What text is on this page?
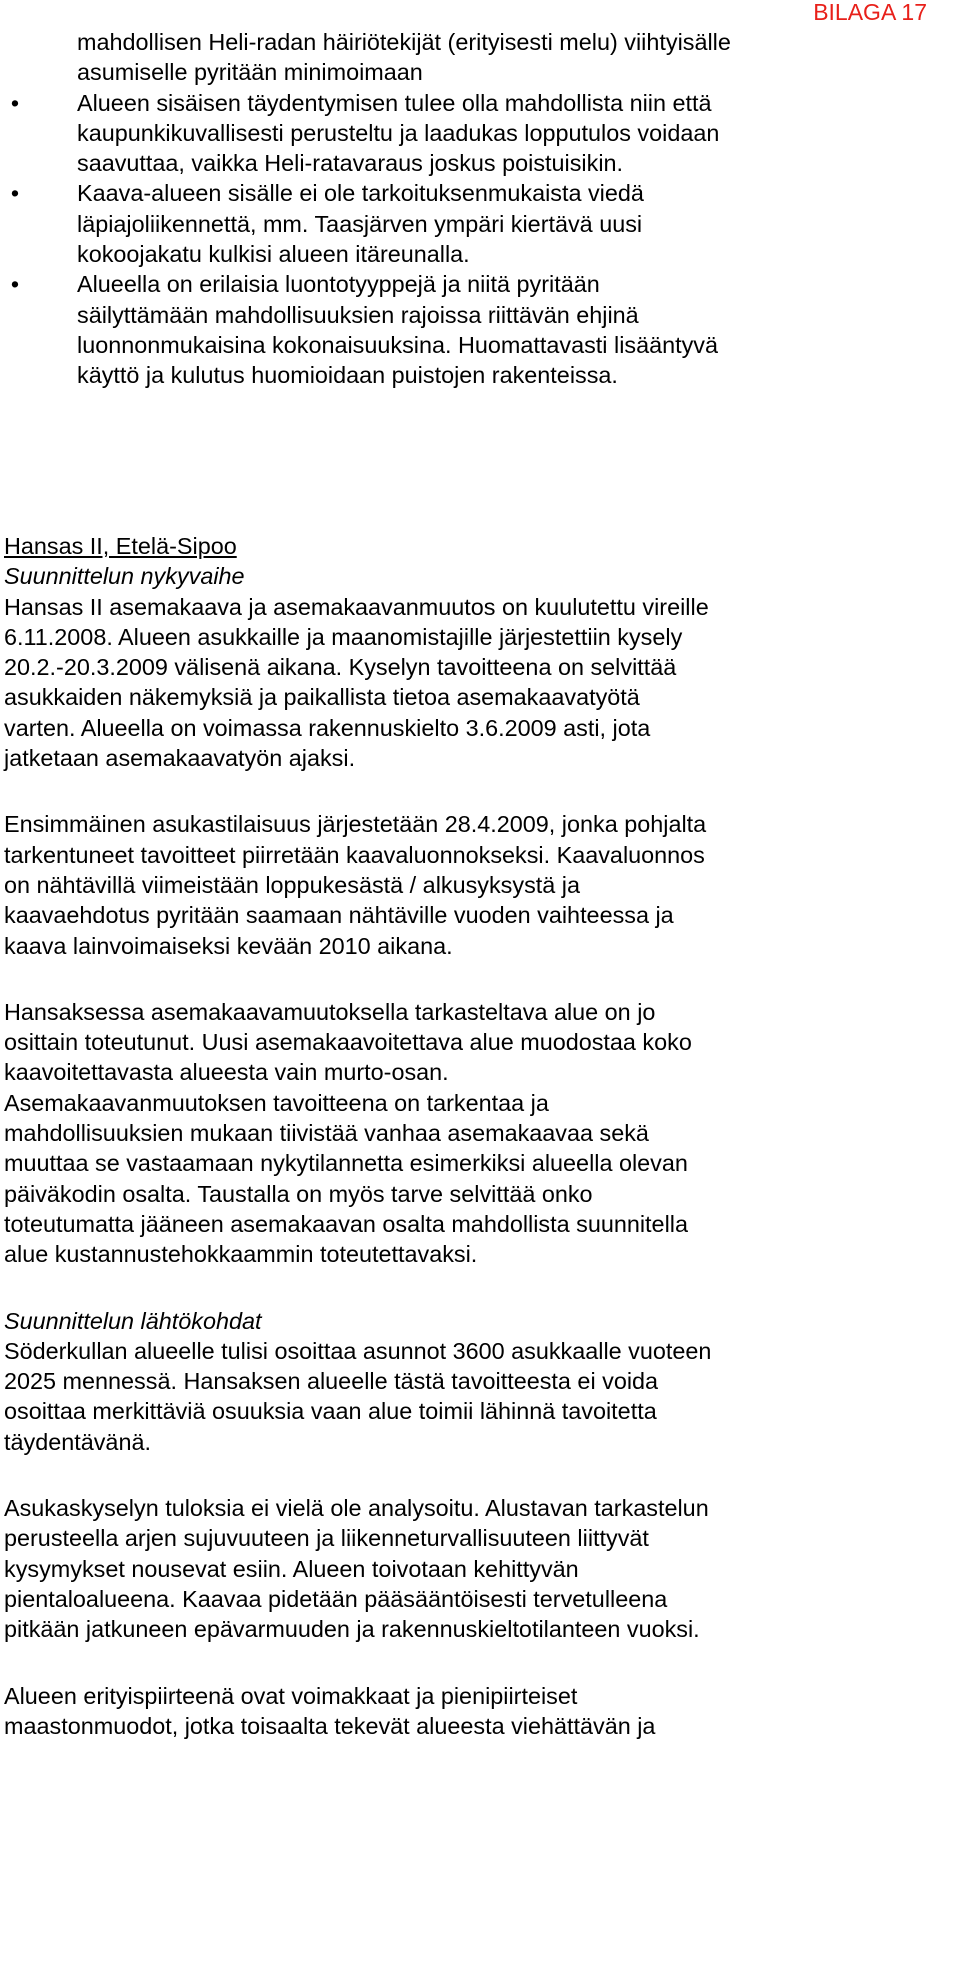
BILAGA 17
mahdollisen Heli-radan häiriötekijät (erityisesti melu) viihtyisälle
asumiselle pyritään minimoimaan
• Alueen sisäisen täydentymisen tulee olla mahdollista niin että
kaupunkikuvallisesti perusteltu ja laadukas lopputulos voidaan
saavuttaa, vaikka Heli-ratavaraus joskus poistuisikin.
• Kaava-alueen sisälle ei ole tarkoituksenmukaista viedä
läpiajoliikennettä, mm. Taasjärven ympäri kiertävä uusi
kokoojakatu kulkisi alueen itäreunalla.
• Alueella on erilaisia luontotyyppejä ja niitä pyritään
säilyttämään mahdollisuuksien rajoissa riittävän ehjinä
luonnonmukaisina kokonaisuuksina. Huomattavasti lisääntyvä
käyttö ja kulutus huomioidaan puistojen rakenteissa.

Hansas II, Etelä-Sipoo

Suunnittelun nykyvaihe

Hansas II asemakaava ja asemakaavanmuutos on kuulutettu vireille
6.11.2008. Alueen asukkaille ja maanomistajille järjestettiin kysely
20.2.-20.3.2009 välisenä aikana. Kyselyn tavoitteena on selvittää
asukkaiden näkemyksiä ja paikallista tietoa asemakaavatyötä
varten. Alueella on voimassa rakennuskielto 3.6.2009 asti, jota
jatketaan asemakaavatyön ajaksi.

Ensimmäinen asukastilaisuus järjestetään 28.4.2009, jonka pohjalta
tarkentuneet tavoitteet piirretään kaavaluonnokseksi. Kaavaluonnos
on nähtävillä viimeistään loppukesästä / alkusyksystä ja
kaavaehdotus pyritään saamaan nähtäville vuoden vaihteessa ja
kaava lainvoimaiseksi kevään 2010 aikana.

Hansaksessa asemakaavamuutoksella tarkasteltava alue on jo
osittain toteutunut. Uusi asemakaavoitettava alue muodostaa koko
kaavoitettavasta alueesta vain murto-osan.
Asemakaavanmuutoksen tavoitteena on tarkentaa ja
mahdollisuuksien mukaan tiivistää vanhaa asemakaavaa sekä
muuttaa se vastaamaan nykytilannetta esimerkiksi alueella olevan
päiväkodin osalta. Taustalla on myös tarve selvittää onko
toteutumatta jääneen asemakaavan osalta mahdollista suunnitella
alue kustannustehokkaammin toteutettavaksi.

Suunnittelun lähtökohdat

Söderkullan alueelle tulisi osoittaa asunnot 3600 asukkaalle vuoteen
2025 mennessä. Hansaksen alueelle tästä tavoitteesta ei voida
osoittaa merkittäviä osuuksia vaan alue toimii lähinnä tavoitetta
täydentävänä.

Asukaskyselyn tuloksia ei vielä ole analysoitu. Alustavan tarkastelun
perusteella arjen sujuvuuteen ja liikenneturvallisuuteen liittyvät
kysymykset nousevat esiin. Alueen toivotaan kehittyvän
pientaloalueena. Kaavaa pidetään pääsääntöisesti tervetulleena
pitkään jatkuneen epävarmuuden ja rakennuskieltotilanteen vuoksi.

Alueen erityispiirteenä ovat voimakkaat ja pienipiirteiset
maastonmuodot, jotka toisaalta tekevät alueesta viehättävän ja
